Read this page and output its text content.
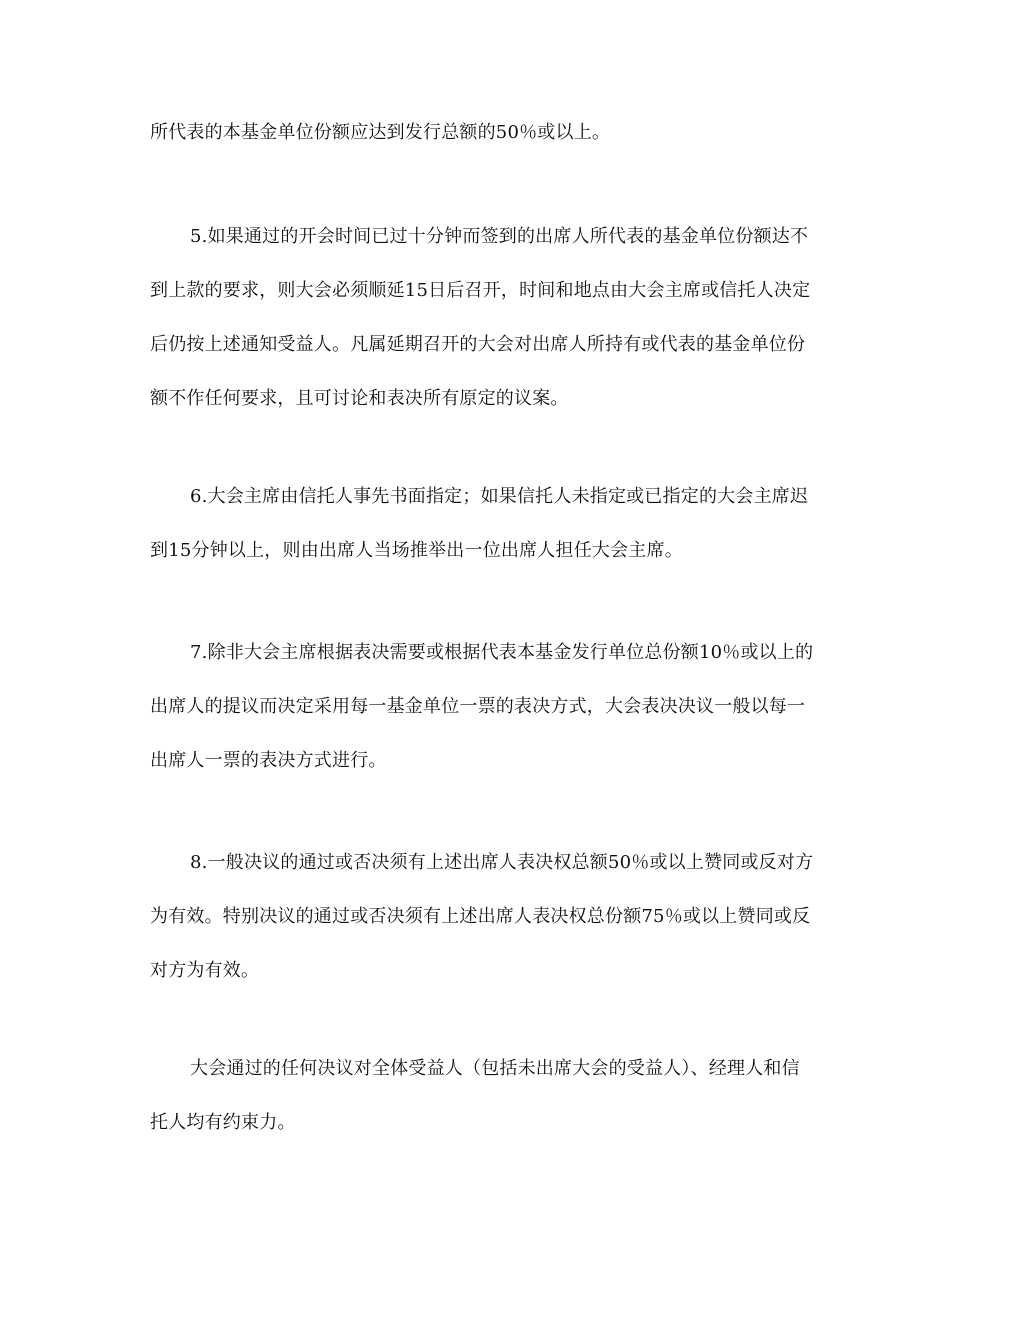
所代表的本基金单位份额应达到发行总额的50％或以上。
5.如果通过的开会时间已过十分钟而签到的出席人所代表的基金单位份额达不
到上款的要求，则大会必须顺延15日后召开，时间和地点由大会主席或信托人决定
后仍按上述通知受益人。凡属延期召开的大会对出席人所持有或代表的基金单位份
额不作任何要求，且可讨论和表决所有原定的议案。
6.大会主席由信托人事先书面指定；如果信托人未指定或已指定的大会主席迟
到15分钟以上，则由出席人当场推举出一位出席人担任大会主席。
7.除非大会主席根据表决需要或根据代表本基金发行单位总份额10％或以上的
出席人的提议而决定采用每一基金单位一票的表决方式，大会表决决议一般以每一
出席人一票的表决方式进行。
8.一般决议的通过或否决须有上述出席人表决权总额50％或以上赞同或反对方
为有效。特别决议的通过或否决须有上述出席人表决权总份额75％或以上赞同或反
对方为有效。
大会通过的任何决议对全体受益人（包括未出席大会的受益人）、经理人和信
托人均有约束力。
